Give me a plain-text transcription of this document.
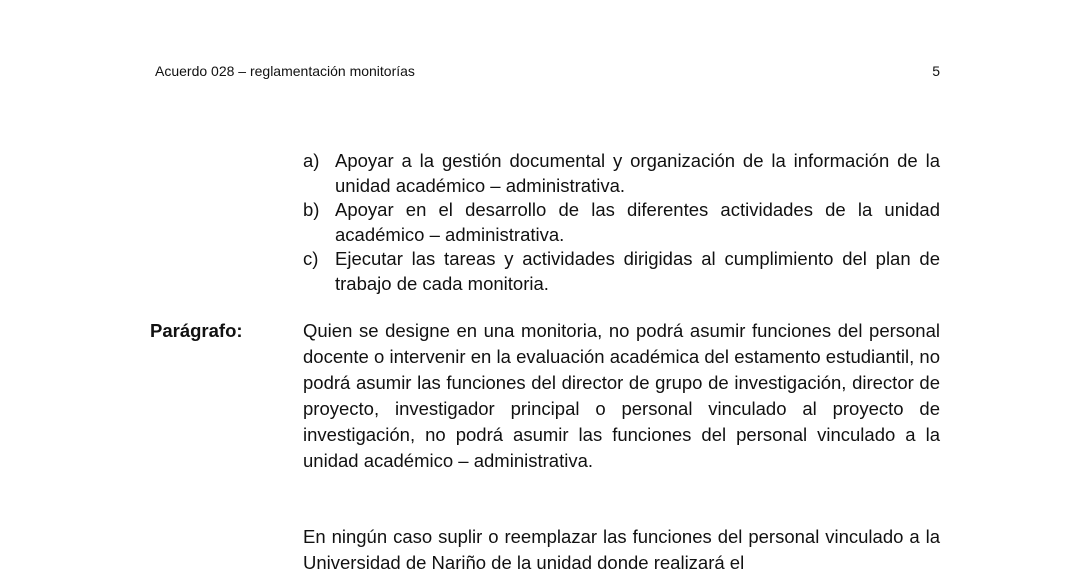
Acuerdo 028 – reglamentación monitorías	5
a) Apoyar a la gestión documental y organización de la información de la unidad académico – administrativa.
b) Apoyar en el desarrollo de las diferentes actividades de la unidad académico – administrativa.
c) Ejecutar las tareas y actividades dirigidas al cumplimiento del plan de trabajo de cada monitoria.
Parágrafo:	Quien se designe en una monitoria, no podrá asumir funciones del personal docente o intervenir en la evaluación académica del estamento estudiantil, no podrá asumir las funciones del director de grupo de investigación, director de proyecto, investigador principal o personal vinculado al proyecto de investigación, no podrá asumir las funciones del personal vinculado a la unidad académico – administrativa.

En ningún caso suplir o reemplazar las funciones del personal vinculado a la Universidad de Nariño de la unidad donde realizará el
